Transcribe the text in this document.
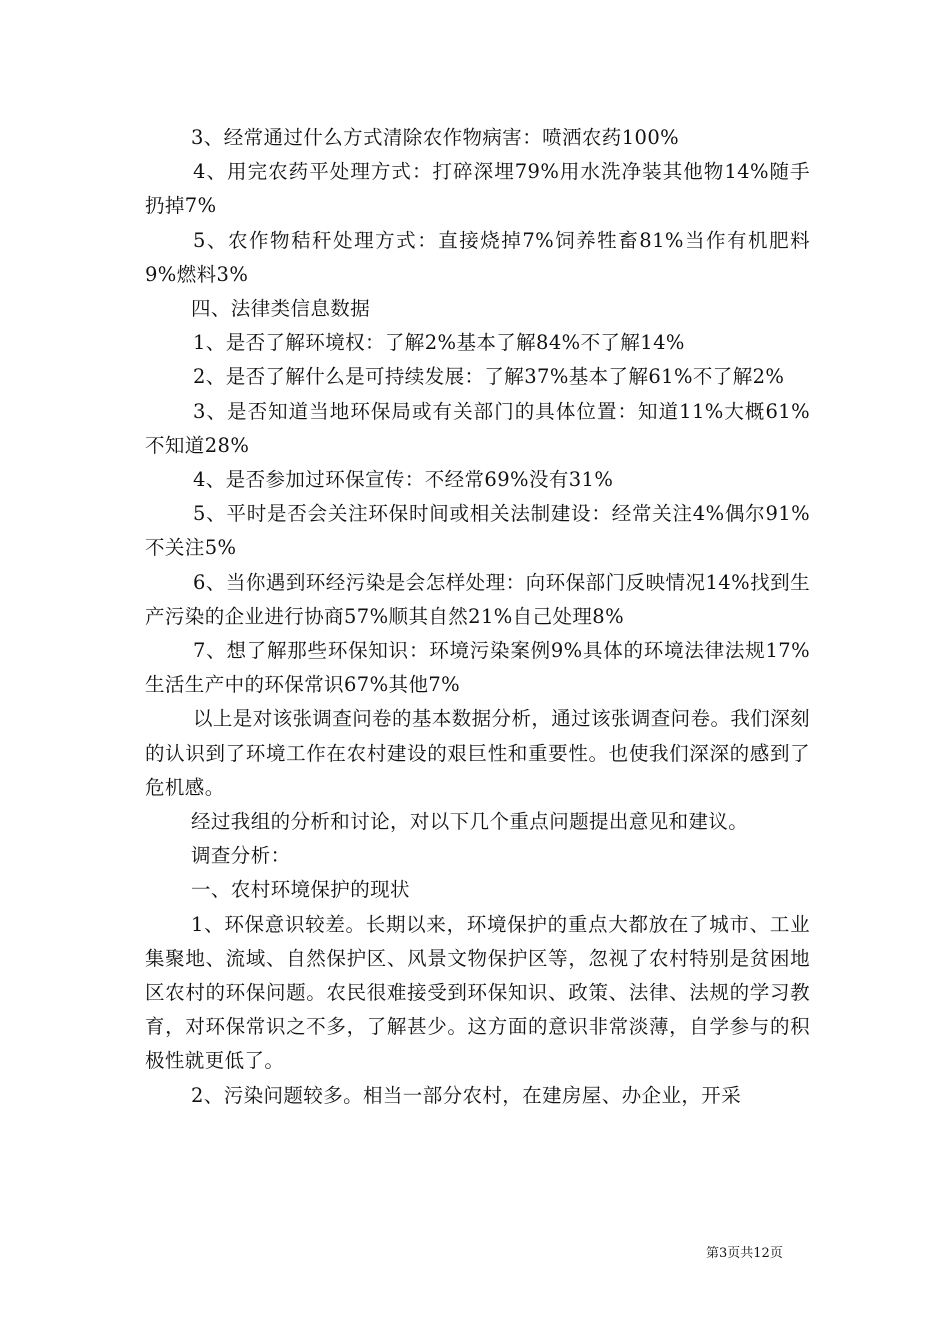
3、经常通过什么方式清除农作物病害：喷洒农药100%

4、用完农药平处理方式：打碎深埋79%用水洗净装其他物14%随手扔掉7%

5、农作物秸秆处理方式：直接烧掉7%饲养牲畜81%当作有机肥料9%燃料3%

四、法律类信息数据

1、是否了解环境权：了解2%基本了解84%不了解14%

2、是否了解什么是可持续发展：了解37%基本了解61%不了解2%

3、是否知道当地环保局或有关部门的具体位置：知道11%大概61%不知道28%

4、是否参加过环保宣传：不经常69%没有31%

5、平时是否会关注环保时间或相关法制建设：经常关注4%偶尔91%不关注5%

6、当你遇到环经污染是会怎样处理：向环保部门反映情况14%找到生产污染的企业进行协商57%顺其自然21%自己处理8%

7、想了解那些环保知识：环境污染案例9%具体的环境法律法规17%生活生产中的环保常识67%其他7%

以上是对该张调查问卷的基本数据分析，通过该张调查问卷。我们深刻的认识到了环境工作在农村建设的艰巨性和重要性。也使我们深深的感到了危机感。

经过我组的分析和讨论，对以下几个重点问题提出意见和建议。

调查分析：

一、农村环境保护的现状

1、环保意识较差。长期以来，环境保护的重点大都放在了城市、工业集聚地、流域、自然保护区、风景文物保护区等，忽视了农村特别是贫困地区农村的环保问题。农民很难接受到环保知识、政策、法律、法规的学习教育，对环保常识之不多，了解甚少。这方面的意识非常淡薄，自学参与的积极性就更低了。

2、污染问题较多。相当一部分农村，在建房屋、办企业，开采

第3页共12页
